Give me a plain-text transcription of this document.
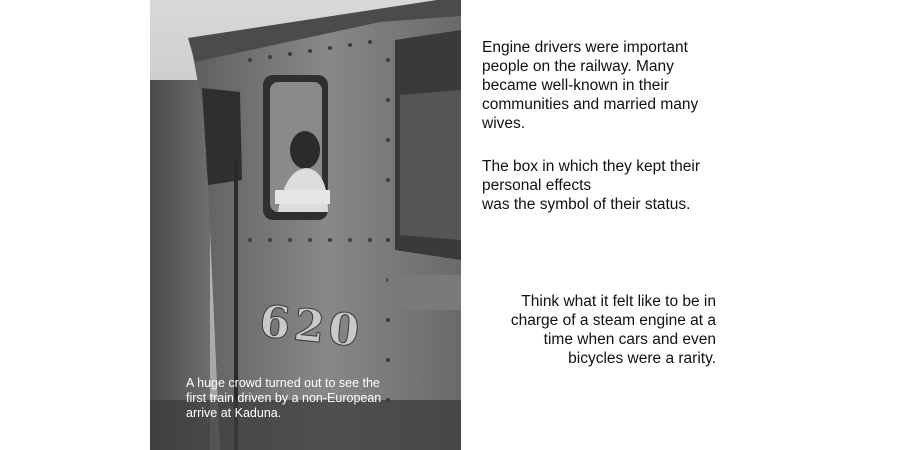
620

A huge crowd turned out to see the
first train driven by a non-European
arrive at Kaduna.

Engine drivers were important
people on the railway. Many
became well-known in their
communities and married many
wives.

The box in which they kept their
personal effects
was the symbol of their status.

Think what it felt like to be in
charge of a steam engine at a
time when cars and even
bicycles were a rarity.
